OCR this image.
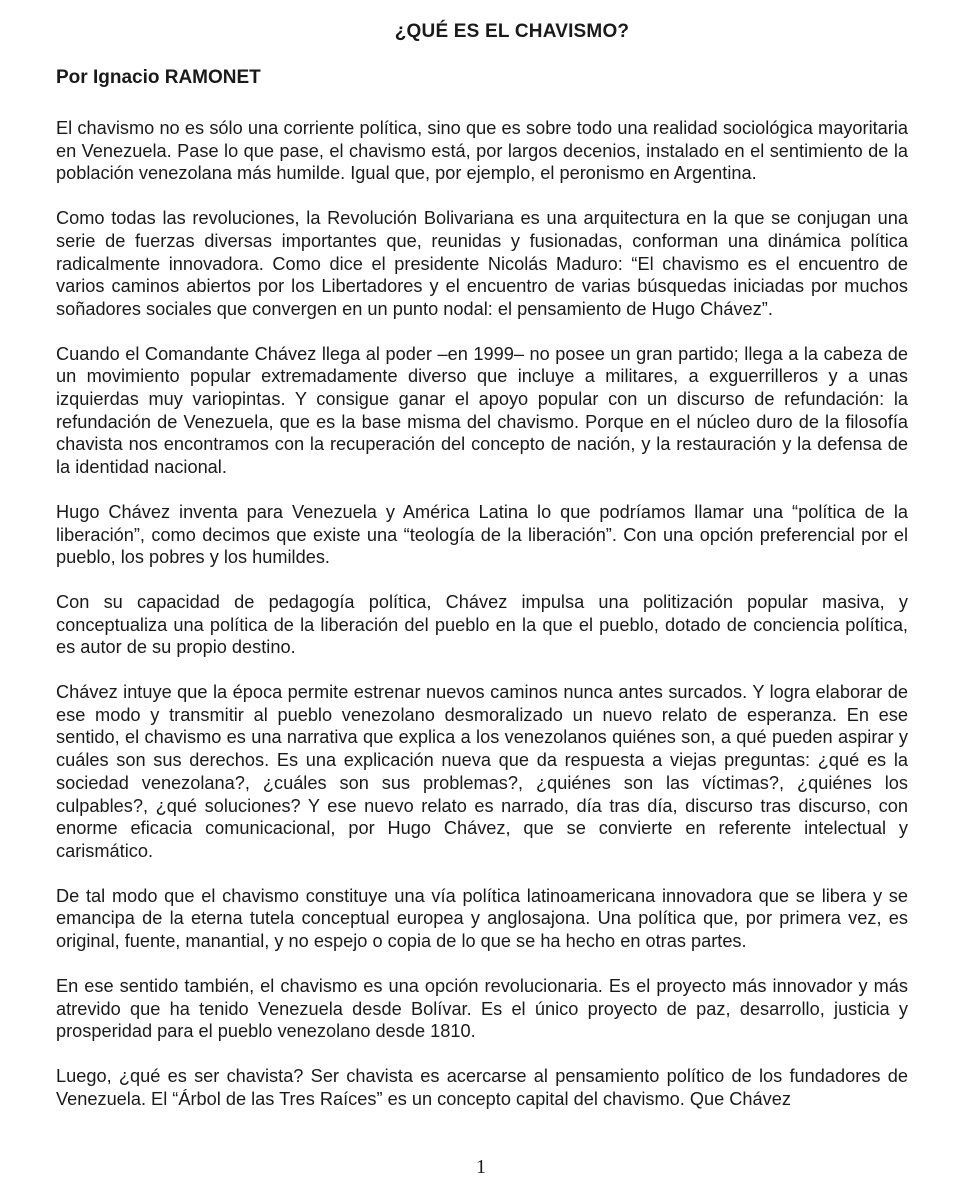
¿QUÉ ES EL CHAVISMO?
Por Ignacio RAMONET

El chavismo no es sólo una corriente política, sino que es sobre todo una realidad sociológica mayoritaria en Venezuela. Pase lo que pase, el chavismo está, por largos decenios, instalado en el sentimiento de la población venezolana más humilde. Igual que, por ejemplo, el peronismo en Argentina.

Como todas las revoluciones, la Revolución Bolivariana es una arquitectura en la que se conjugan una serie de fuerzas diversas importantes que, reunidas y fusionadas, conforman una dinámica política radicalmente innovadora. Como dice el presidente Nicolás Maduro: “El chavismo es el encuentro de varios caminos abiertos por los Libertadores y el encuentro de varias búsquedas iniciadas por muchos soñadores sociales que convergen en un punto nodal: el pensamiento de Hugo Chávez”.

Cuando el Comandante Chávez llega al poder –en 1999– no posee un gran partido; llega a la cabeza de un movimiento popular extremadamente diverso que incluye a militares, a exguerrilleros y a unas izquierdas muy variopintas. Y consigue ganar el apoyo popular con un discurso de refundación: la refundación de Venezuela, que es la base misma del chavismo. Porque en el núcleo duro de la filosofía chavista nos encontramos con la recuperación del concepto de nación, y la restauración y la defensa de la identidad nacional.

Hugo Chávez inventa para Venezuela y América Latina lo que podríamos llamar una “política de la liberación”, como decimos que existe una “teología de la liberación”. Con una opción preferencial por el pueblo, los pobres y los humildes.

Con su capacidad de pedagogía política, Chávez impulsa una politización popular masiva, y conceptualiza una política de la liberación del pueblo en la que el pueblo, dotado de conciencia política, es autor de su propio destino.

Chávez intuye que la época permite estrenar nuevos caminos nunca antes surcados. Y logra elaborar de ese modo y transmitir al pueblo venezolano desmoralizado un nuevo relato de esperanza. En ese sentido, el chavismo es una narrativa que explica a los venezolanos quiénes son, a qué pueden aspirar y cuáles son sus derechos. Es una explicación nueva que da respuesta a viejas preguntas: ¿qué es la sociedad venezolana?, ¿cuáles son sus problemas?, ¿quiénes son las víctimas?, ¿quiénes los culpables?, ¿qué soluciones? Y ese nuevo relato es narrado, día tras día, discurso tras discurso, con enorme eficacia comunicacional, por Hugo Chávez, que se convierte en referente intelectual y carismático.

De tal modo que el chavismo constituye una vía política latinoamericana innovadora que se libera y se emancipa de la eterna tutela conceptual europea y anglosajona. Una política que, por primera vez, es original, fuente, manantial, y no espejo o copia de lo que se ha hecho en otras partes.

En ese sentido también, el chavismo es una opción revolucionaria. Es el proyecto más innovador y más atrevido que ha tenido Venezuela desde Bolívar. Es el único proyecto de paz, desarrollo, justicia y prosperidad para el pueblo venezolano desde 1810.

Luego, ¿qué es ser chavista? Ser chavista es acercarse al pensamiento político de los fundadores de Venezuela. El “Árbol de las Tres Raíces” es un concepto capital del chavismo. Que Chávez

1
